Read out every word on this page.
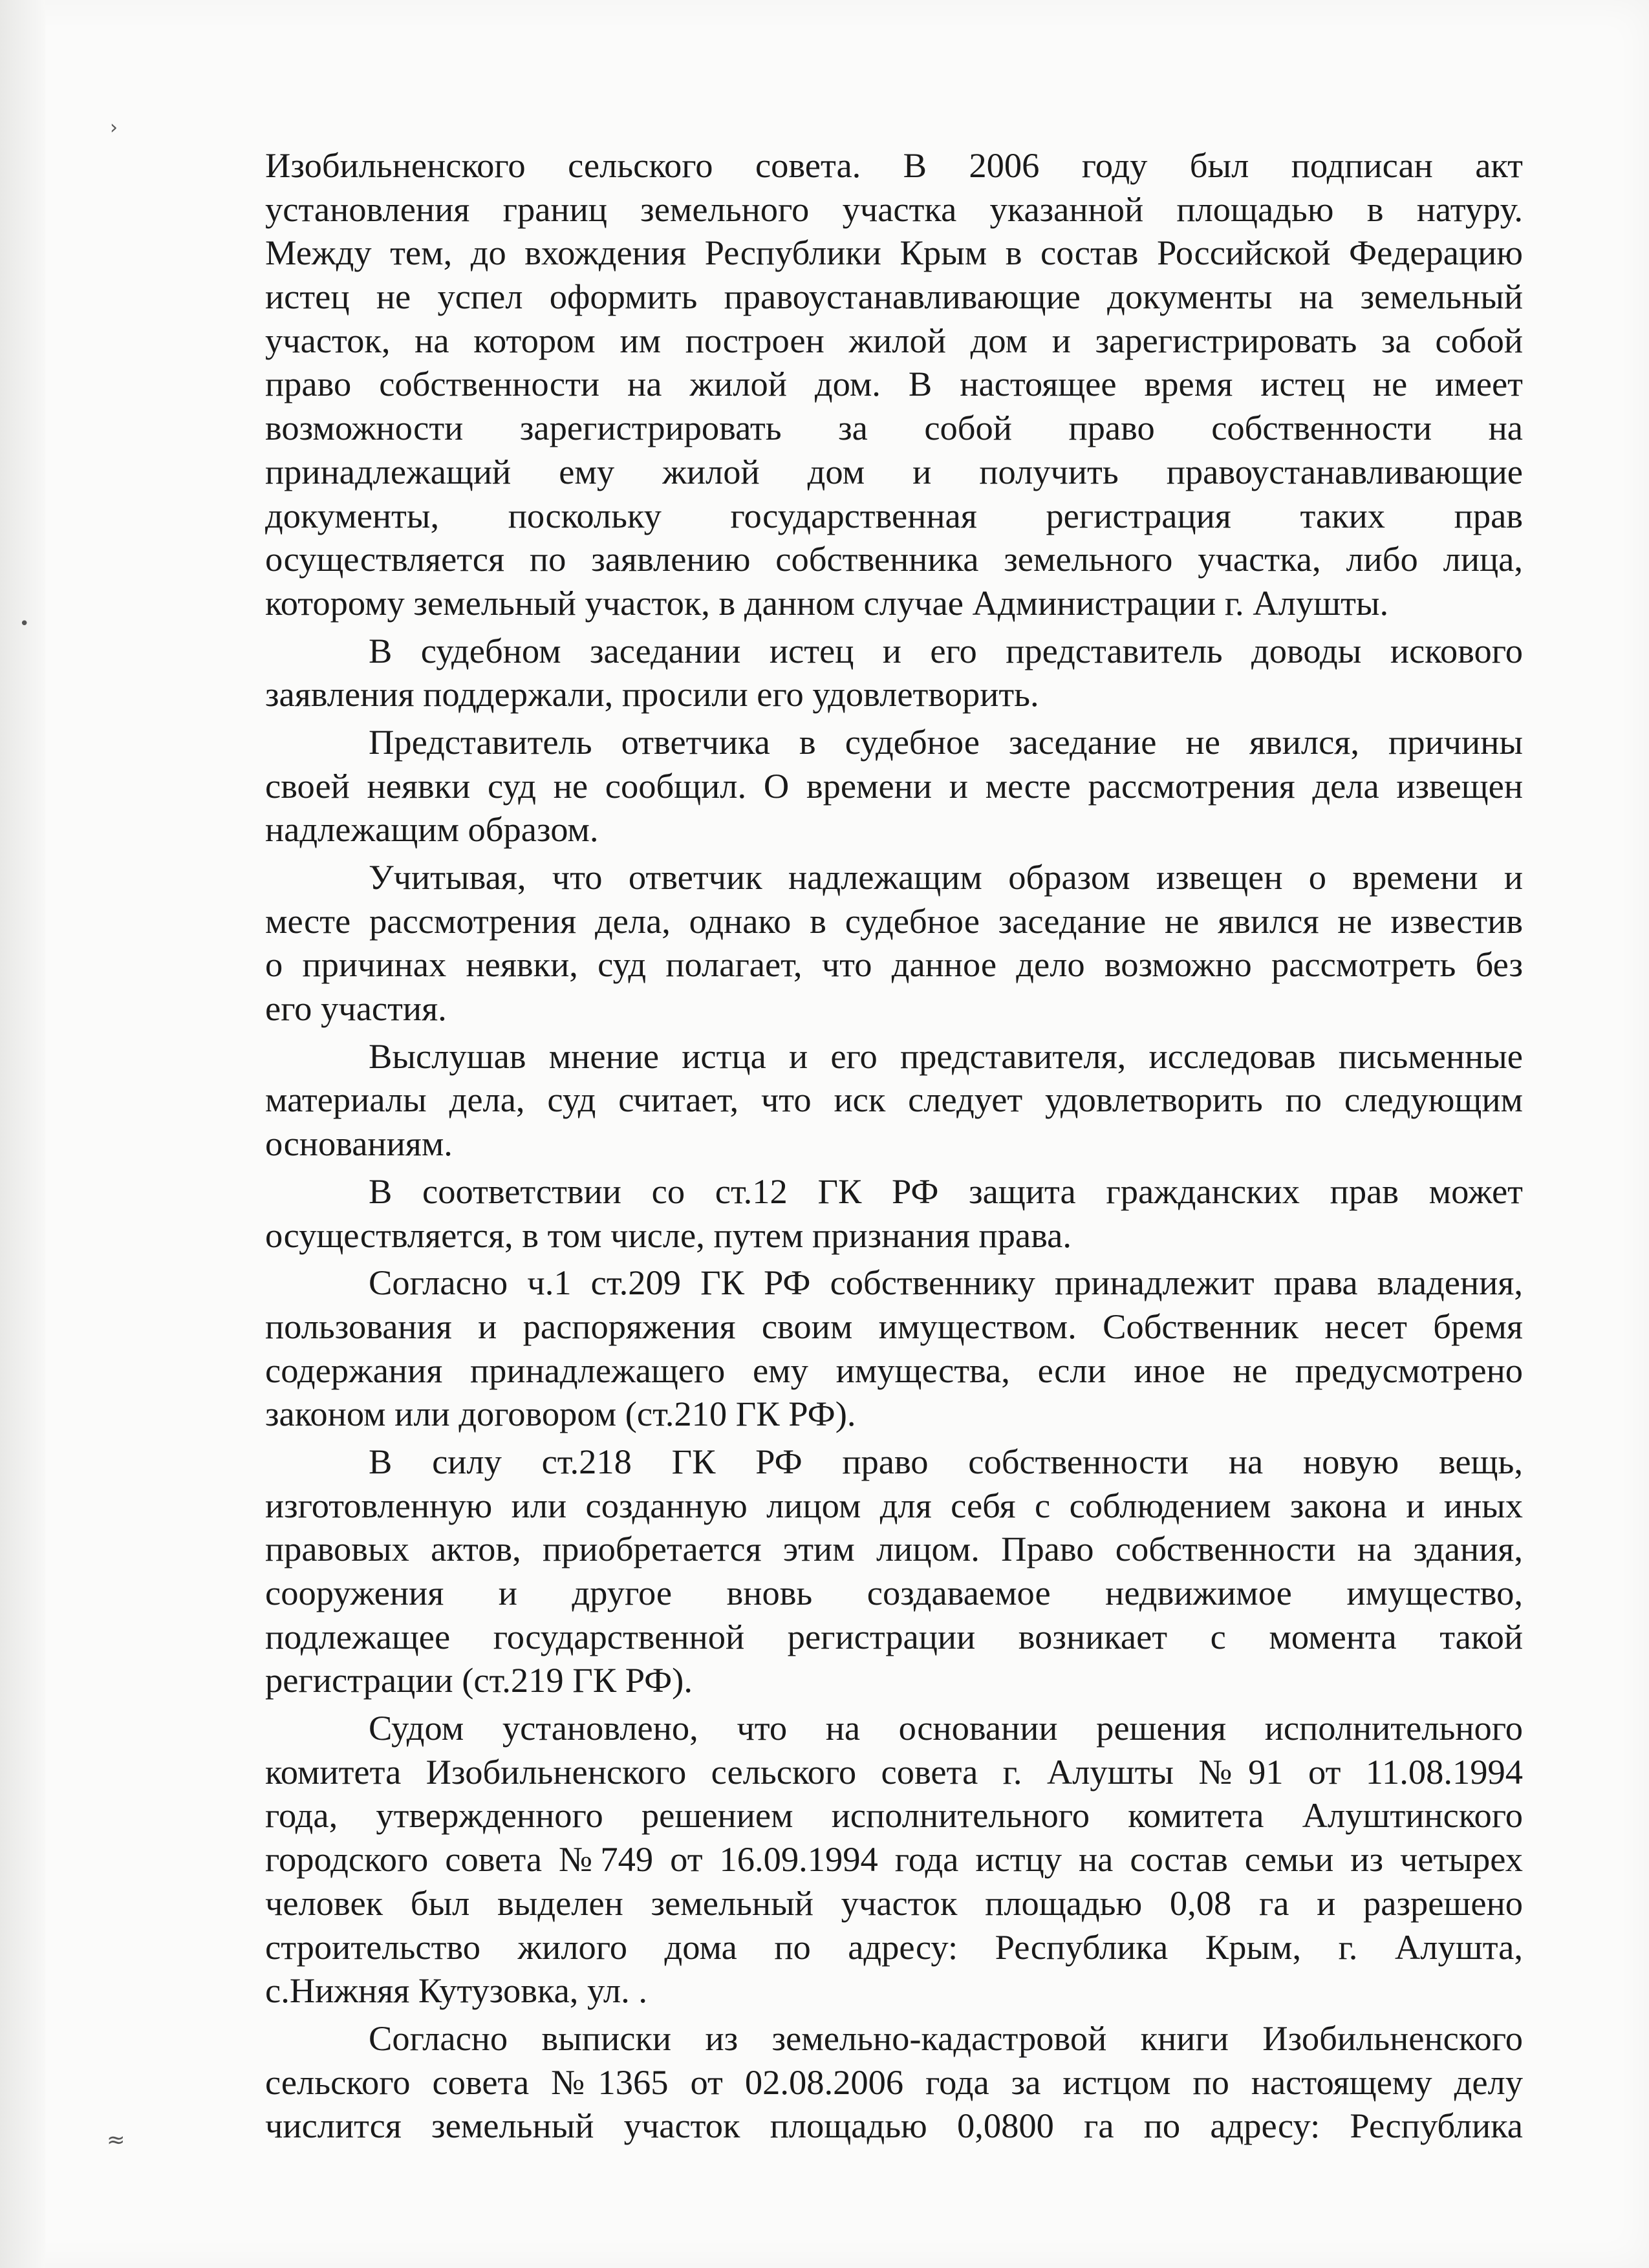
›
•
≈
Изобильненского сельского совета. В 2006 году был подписан акт
установления границ земельного участка указанной площадью в натуру.
Между тем, до вхождения Республики Крым в состав Российской Федерацию
истец не успел оформить правоустанавливающие документы на земельный
участок, на котором им построен жилой дом и зарегистрировать за собой
право собственности на жилой дом. В настоящее время истец не имеет
возможности зарегистрировать за собой право собственности на
принадлежащий ему жилой дом и получить правоустанавливающие
документы, поскольку государственная регистрация таких прав
осуществляется по заявлению собственника земельного участка, либо лица,
которому земельный участок, в данном случае Администрации г. Алушты.
В судебном заседании истец и его представитель доводы искового
заявления поддержали, просили его удовлетворить.
Представитель ответчика в судебное заседание не явился, причины
своей неявки суд не сообщил. О времени и месте рассмотрения дела извещен
надлежащим образом.
Учитывая, что ответчик надлежащим образом извещен о времени и
месте рассмотрения дела, однако в судебное заседание не явился не известив
о причинах неявки, суд полагает, что данное дело возможно рассмотреть без
его участия.
Выслушав мнение истца и его представителя, исследовав письменные
материалы дела, суд считает, что иск следует удовлетворить по следующим
основаниям.
В соответствии со ст.12 ГК РФ защита гражданских прав может
осуществляется, в том числе, путем признания права.
Согласно ч.1 ст.209 ГК РФ собственнику принадлежит права владения,
пользования и распоряжения своим имуществом. Собственник несет бремя
содержания принадлежащего ему имущества, если иное не предусмотрено
законом или договором (ст.210 ГК РФ).
В силу ст.218 ГК РФ право собственности на новую вещь,
изготовленную или созданную лицом для себя с соблюдением закона и иных
правовых актов, приобретается этим лицом. Право собственности на здания,
сооружения и другое вновь создаваемое недвижимое имущество,
подлежащее государственной регистрации возникает с момента такой
регистрации (ст.219 ГК РФ).
Судом установлено, что на основании решения исполнительного
комитета Изобильненского сельского совета г. Алушты №91 от 11.08.1994
года, утвержденного решением исполнительного комитета Алуштинского
городского совета №749 от 16.09.1994 года истцу на состав семьи из четырех
человек был выделен земельный участок площадью 0,08 га и разрешено
строительство жилого дома по адресу: Республика Крым, г. Алушта,
с.Нижняя Кутузовка, ул. .
Согласно выписки из земельно-кадастровой книги Изобильненского
сельского совета №1365 от 02.08.2006 года за истцом по настоящему делу
числится земельный участок площадью 0,0800 га по адресу: Республика
